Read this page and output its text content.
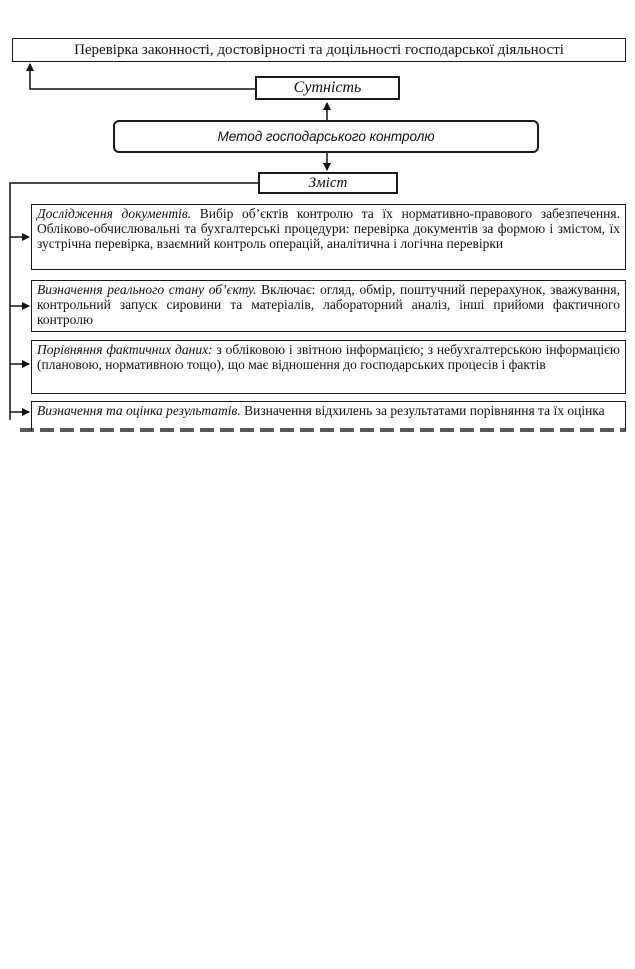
Перевірка законності, достовірності та доцільності господарської діяльності
Сутність
Метод господарського контролю
Зміст
Дослідження документів. Вибір об’єктів контролю та їх нормативно-правового забезпечення. Обліково-обчислювальні та бухгалтерські процедури: перевірка документів за формою і змістом, їх зустрічна перевірка, взаємний контроль операцій, аналітична і логічна перевірки
Визначення реального стану об’єкту. Включає: огляд, обмір, поштучний перерахунок, зважування, контрольний запуск сировини та матеріалів, лабораторний аналіз, інші прийоми фактичного контролю
Порівняння фактичних даних: з обліковою і звітною інформацією; з небухгалтерською інформацією (плановою, нормативною тощо), що має відношення до господарських процесів і фактів
Визначення та оцінка результатів. Визначення відхилень за результатами порівняння та їх оцінка
